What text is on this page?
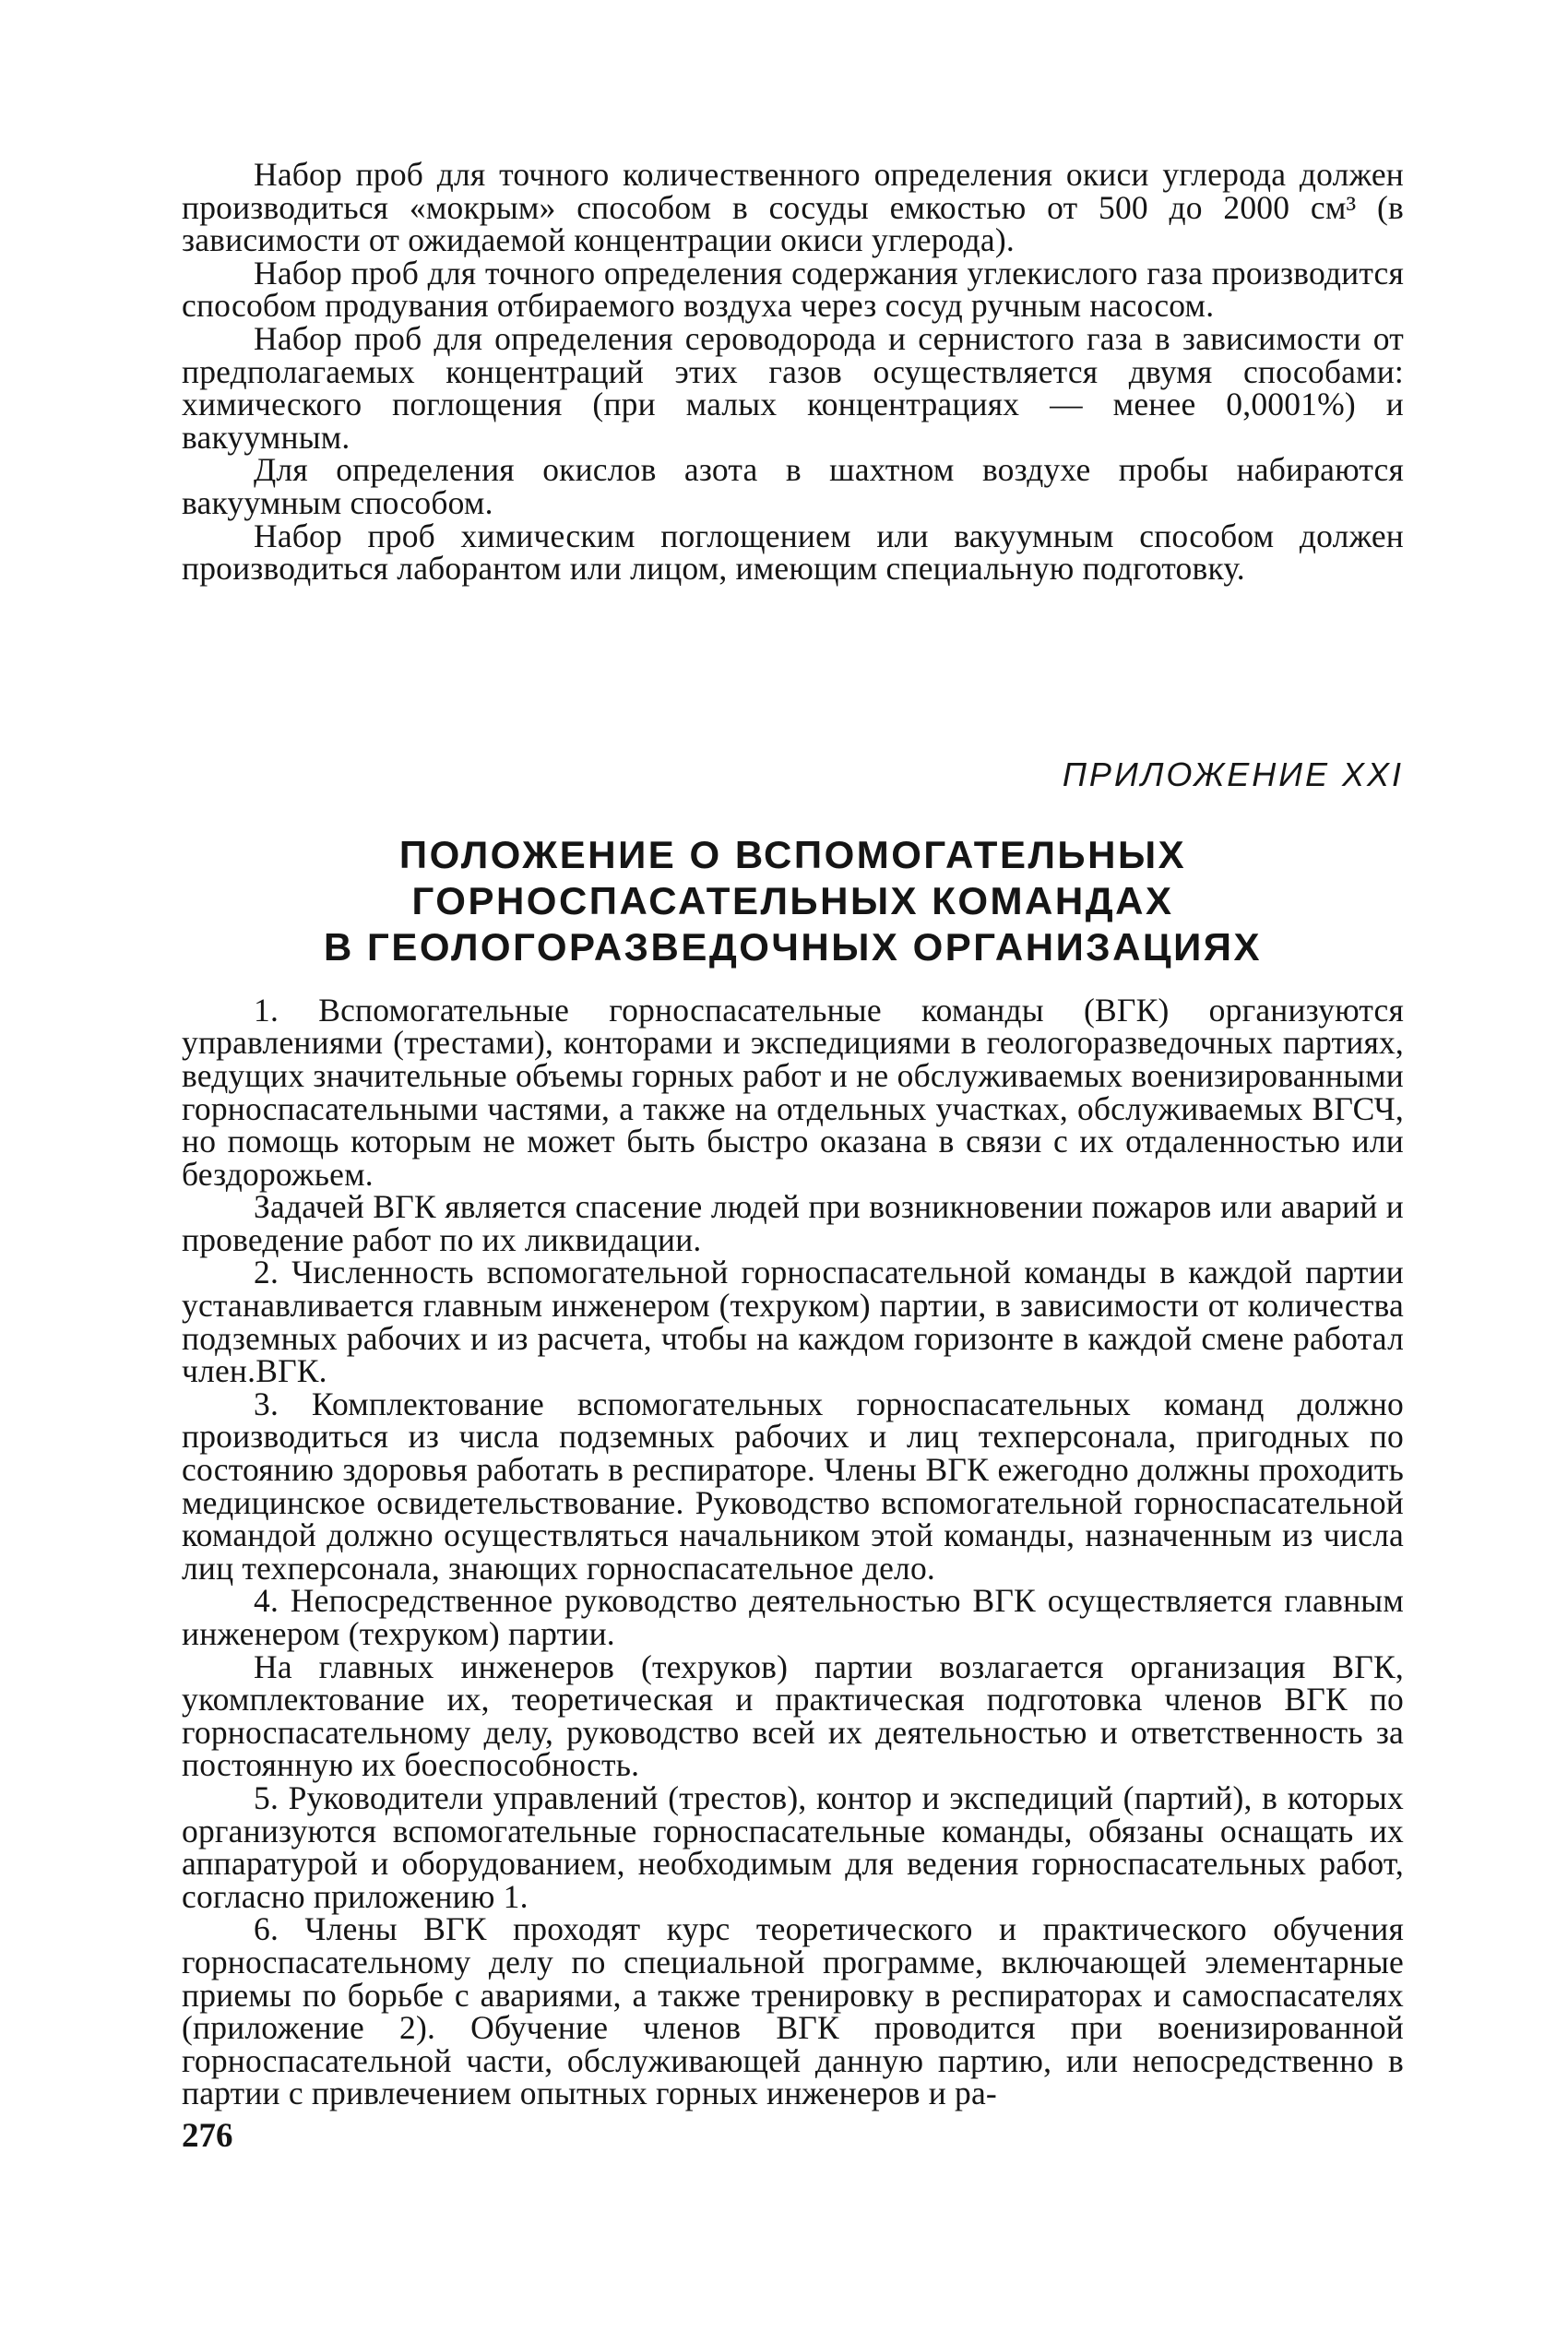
Набор проб для точного количественного определения окиси углерода должен производиться «мокрым» способом в сосуды емкостью от 500 до 2000 см³ (в зависимости от ожидаемой концентрации окиси углерода).

Набор проб для точного определения содержания углекислого газа производится способом продувания отбираемого воздуха через сосуд ручным насосом.

Набор проб для определения сероводорода и сернистого газа в зависимости от предполагаемых концентраций этих газов осуществляется двумя способами: химического поглощения (при малых концентрациях — менее 0,0001%) и вакуумным.

Для определения окислов азота в шахтном воздухе пробы набираются вакуумным способом.

Набор проб химическим поглощением или вакуумным способом должен производиться лаборантом или лицом, имеющим специальную подготовку.

ПРИЛОЖЕНИЕ XXI

ПОЛОЖЕНИЕ О ВСПОМОГАТЕЛЬНЫХ
ГОРНОСПАСАТЕЛЬНЫХ КОМАНДАХ
В ГЕОЛОГОРАЗВЕДОЧНЫХ ОРГАНИЗАЦИЯХ

1. Вспомогательные горноспасательные команды (ВГК) организуются управлениями (трестами), конторами и экспедициями в геологоразведочных партиях, ведущих значительные объемы горных работ и не обслуживаемых военизированными горноспасательными частями, а также на отдельных участках, обслуживаемых ВГСЧ, но помощь которым не может быть быстро оказана в связи с их отдаленностью или бездорожьем.

Задачей ВГК является спасение людей при возникновении пожаров или аварий и проведение работ по их ликвидации.

2. Численность вспомогательной горноспасательной команды в каждой партии устанавливается главным инженером (техруком) партии, в зависимости от количества подземных рабочих и из расчета, чтобы на каждом горизонте в каждой смене работал член.ВГК.

3. Комплектование вспомогательных горноспасательных команд должно производиться из числа подземных рабочих и лиц техперсонала, пригодных по состоянию здоровья работать в респираторе. Члены ВГК ежегодно должны проходить медицинское освидетельствование. Руководство вспомогательной горноспасательной командой должно осуществляться начальником этой команды, назначенным из числа лиц техперсонала, знающих горноспасательное дело.

4. Непосредственное руководство деятельностью ВГК осуществляется главным инженером (техруком) партии.

На главных инженеров (техруков) партии возлагается организация ВГК, укомплектование их, теоретическая и практическая подготовка членов ВГК по горноспасательному делу, руководство всей их деятельностью и ответственность за постоянную их боеспособность.

5. Руководители управлений (трестов), контор и экспедиций (партий), в которых организуются вспомогательные горноспасательные команды, обязаны оснащать их аппаратурой и оборудованием, необходимым для ведения горноспасательных работ, согласно приложению 1.

6. Члены ВГК проходят курс теоретического и практического обучения горноспасательному делу по специальной программе, включающей элементарные приемы по борьбе с авариями, а также тренировку в респираторах и самоспасателях (приложение 2). Обучение членов ВГК проводится при военизированной горноспасательной части, обслуживающей данную партию, или непосредственно в партии с привлечением опытных горных инженеров и ра-

276
